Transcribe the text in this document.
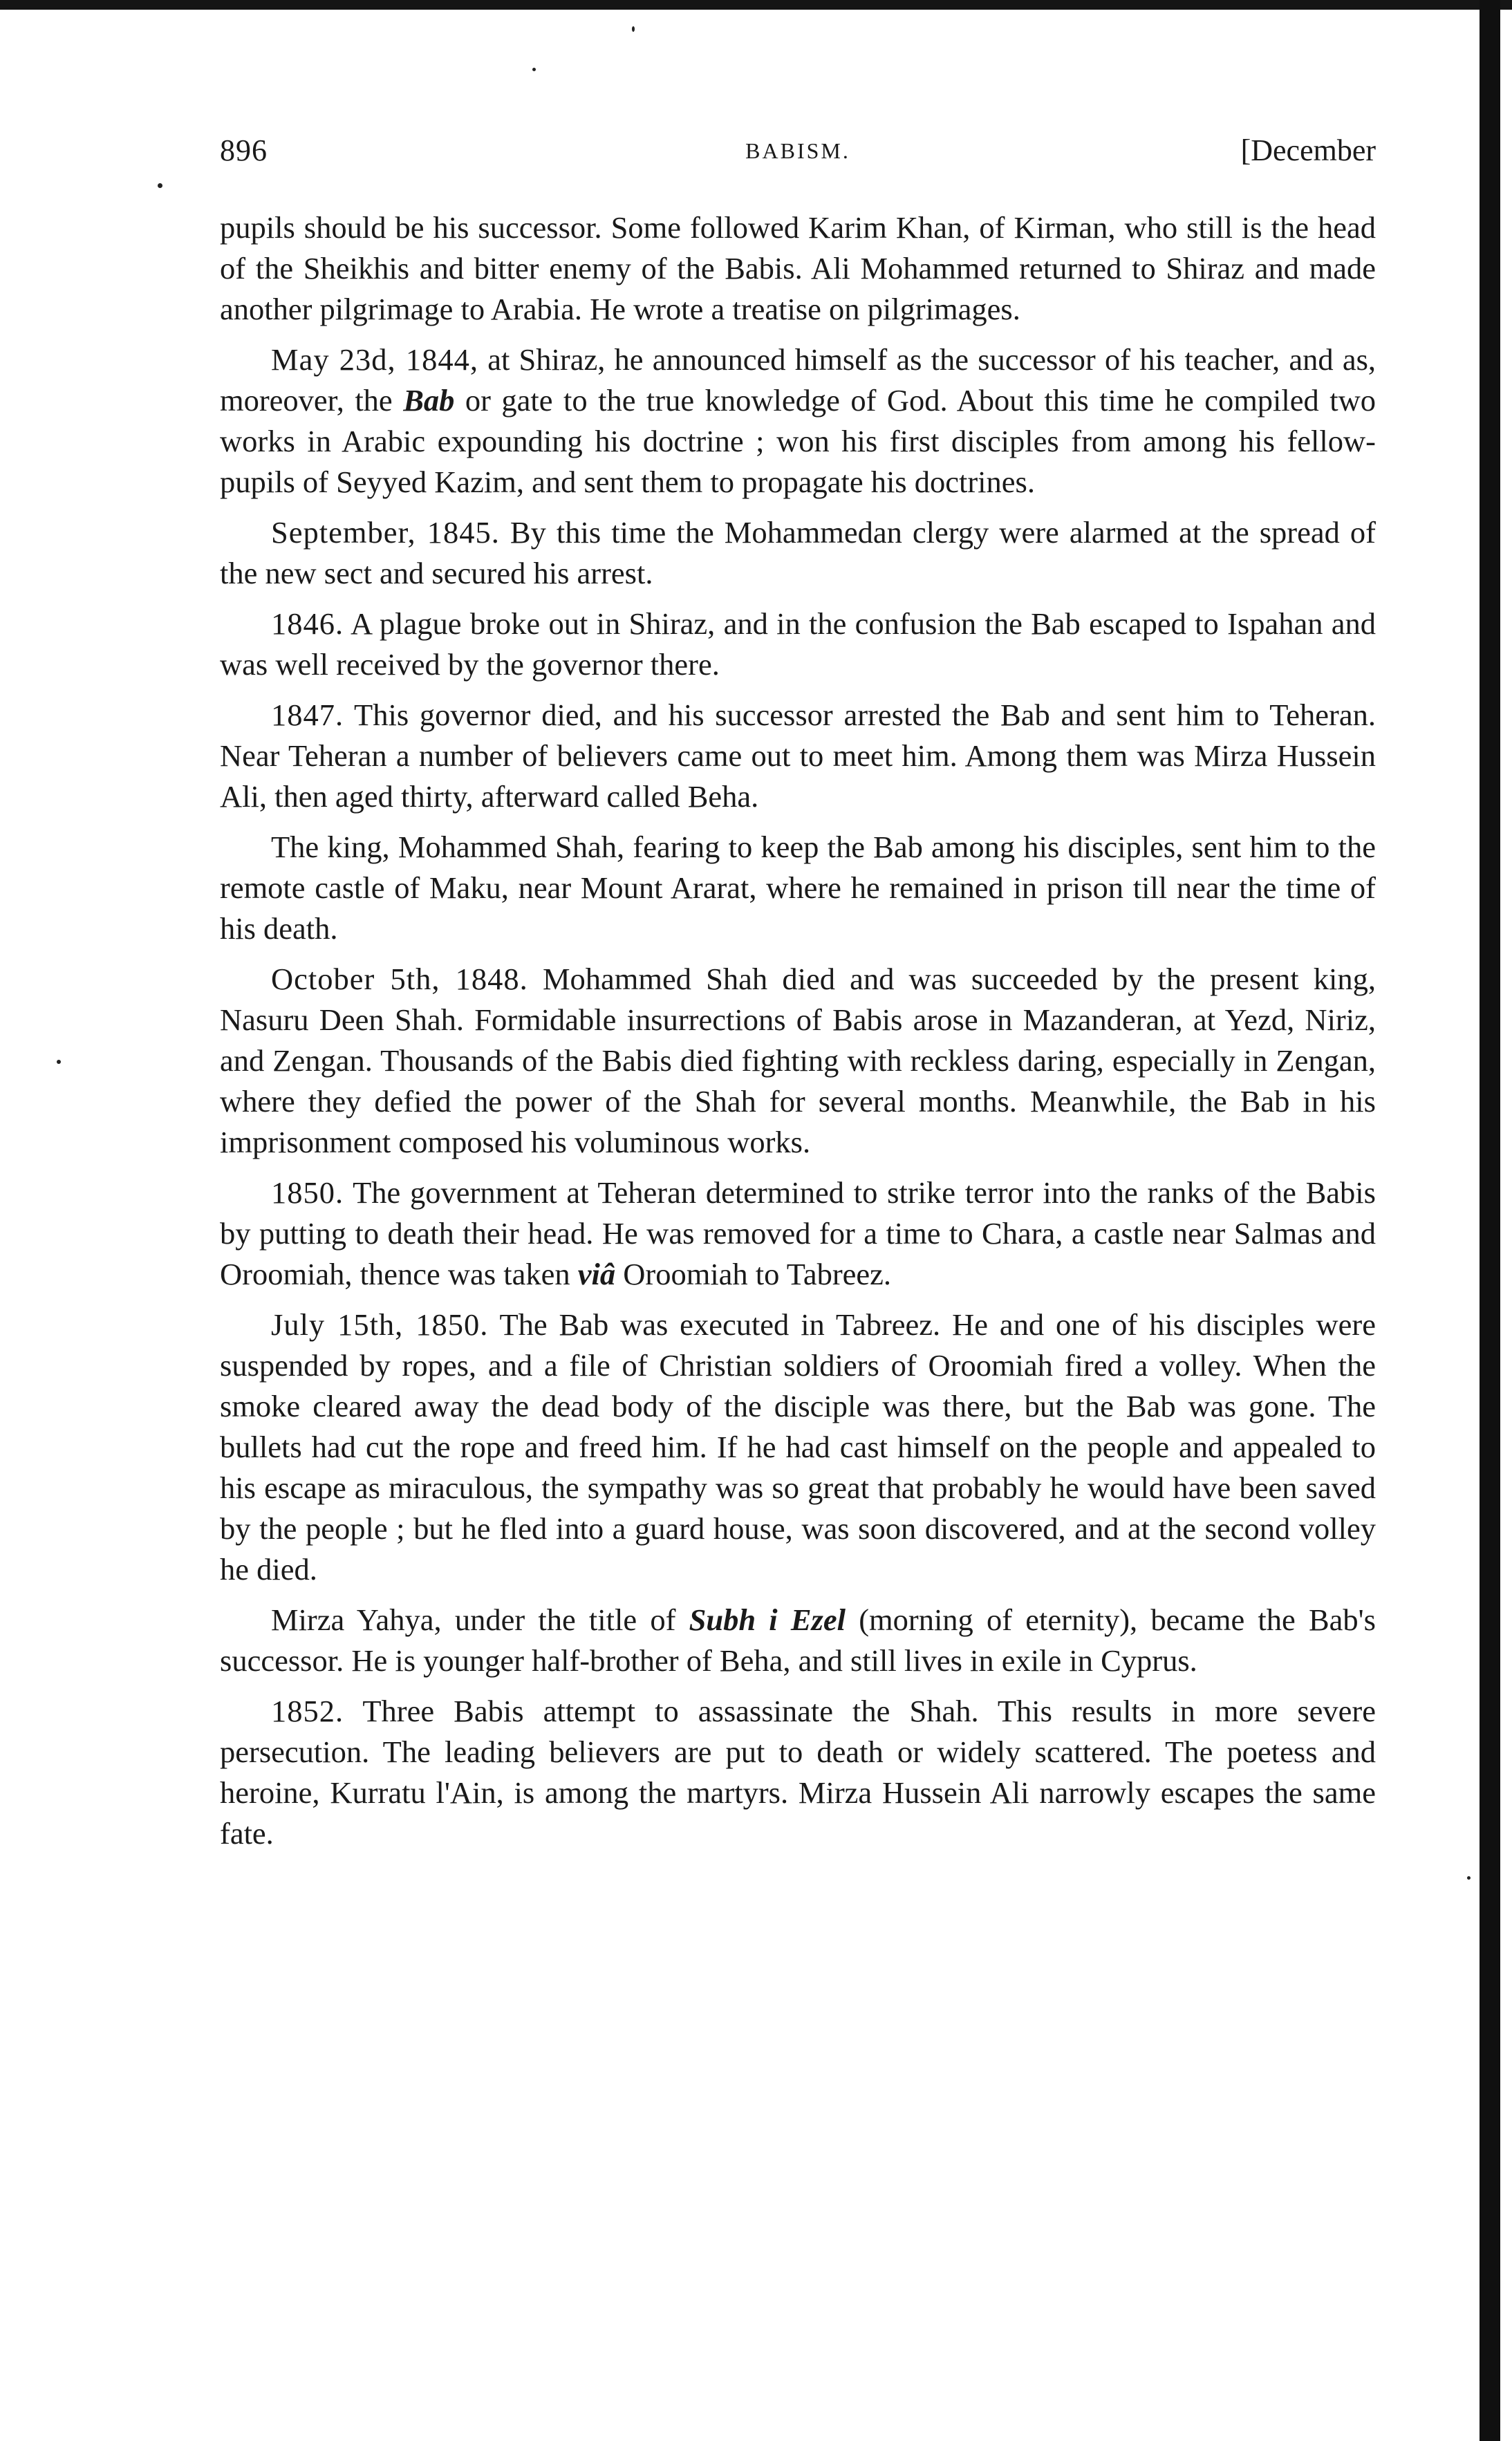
896	BABISM.	[December

pupils should be his successor. Some followed Karim Khan, of Kirman, who still is the head of the Sheikhis and bitter enemy of the Babis. Ali Mohammed returned to Shiraz and made another pilgrimage to Arabia. He wrote a treatise on pilgrimages.

May 23d, 1844, at Shiraz, he announced himself as the successor of his teacher, and as, moreover, the Bab or gate to the true knowledge of God. About this time he compiled two works in Arabic expounding his doctrine ; won his first disciples from among his fellow-pupils of Seyyed Kazim, and sent them to propagate his doctrines.

September, 1845. By this time the Mohammedan clergy were alarmed at the spread of the new sect and secured his arrest.

1846. A plague broke out in Shiraz, and in the confusion the Bab escaped to Ispahan and was well received by the governor there.

1847. This governor died, and his successor arrested the Bab and sent him to Teheran. Near Teheran a number of believers came out to meet him. Among them was Mirza Hussein Ali, then aged thirty, afterward called Beha.

The king, Mohammed Shah, fearing to keep the Bab among his disciples, sent him to the remote castle of Maku, near Mount Ararat, where he remained in prison till near the time of his death.

October 5th, 1848. Mohammed Shah died and was succeeded by the present king, Nasuru Deen Shah. Formidable insurrections of Babis arose in Mazanderan, at Yezd, Niriz, and Zengan. Thousands of the Babis died fighting with reckless daring, especially in Zengan, where they defied the power of the Shah for several months. Meanwhile, the Bab in his imprisonment composed his voluminous works.

1850. The government at Teheran determined to strike terror into the ranks of the Babis by putting to death their head. He was removed for a time to Chara, a castle near Salmas and Oroomiah, thence was taken viâ Oroomiah to Tabreez.

July 15th, 1850. The Bab was executed in Tabreez. He and one of his disciples were suspended by ropes, and a file of Christian soldiers of Oroomiah fired a volley. When the smoke cleared away the dead body of the disciple was there, but the Bab was gone. The bullets had cut the rope and freed him. If he had cast himself on the people and appealed to his escape as miraculous, the sympathy was so great that probably he would have been saved by the people ; but he fled into a guard house, was soon discovered, and at the second volley he died.

Mirza Yahya, under the title of Subh i Ezel (morning of eternity), became the Bab's successor. He is younger half-brother of Beha, and still lives in exile in Cyprus.

1852. Three Babis attempt to assassinate the Shah. This results in more severe persecution. The leading believers are put to death or widely scattered. The poetess and heroine, Kurratu l'Ain, is among the martyrs. Mirza Hussein Ali narrowly escapes the same fate.
